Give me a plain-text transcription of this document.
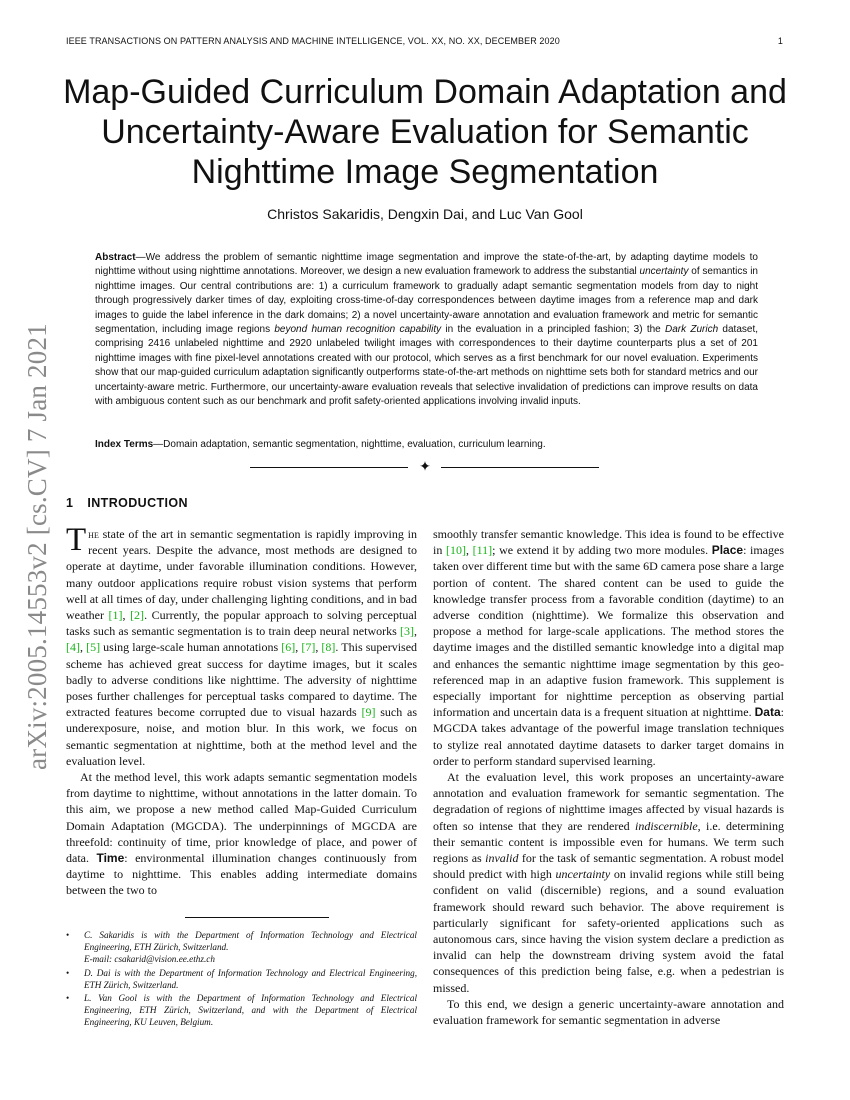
IEEE TRANSACTIONS ON PATTERN ANALYSIS AND MACHINE INTELLIGENCE, VOL. XX, NO. XX, DECEMBER 2020	1
Map-Guided Curriculum Domain Adaptation and
Uncertainty-Aware Evaluation for Semantic
Nighttime Image Segmentation
Christos Sakaridis, Dengxin Dai, and Luc Van Gool

Abstract—We address the problem of semantic nighttime image segmentation and improve the state-of-the-art, by adapting daytime models to nighttime without using nighttime annotations. Moreover, we design a new evaluation framework to address the substantial uncertainty of semantics in nighttime images. Our central contributions are: 1) a curriculum framework to gradually adapt semantic segmentation models from day to night through progressively darker times of day, exploiting cross-time-of-day correspondences between daytime images from a reference map and dark images to guide the label inference in the dark domains; 2) a novel uncertainty-aware annotation and evaluation framework and metric for semantic segmentation, including image regions beyond human recognition capability in the evaluation in a principled fashion; 3) the Dark Zurich dataset, comprising 2416 unlabeled nighttime and 2920 unlabeled twilight images with correspondences to their daytime counterparts plus a set of 201 nighttime images with fine pixel-level annotations created with our protocol, which serves as a first benchmark for our novel evaluation. Experiments show that our map-guided curriculum adaptation significantly outperforms state-of-the-art methods on nighttime sets both for standard metrics and our uncertainty-aware metric. Furthermore, our uncertainty-aware evaluation reveals that selective invalidation of predictions can improve results on data with ambiguous content such as our benchmark and profit safety-oriented applications involving invalid inputs.

Index Terms—Domain adaptation, semantic segmentation, nighttime, evaluation, curriculum learning.
✦
1 INTRODUCTION

The state of the art in semantic segmentation is rapidly improving in recent years. Despite the advance, most methods are designed to operate at daytime, under favorable illumination conditions. However, many outdoor applications require robust vision systems that perform well at all times of day, under challenging lighting conditions, and in bad weather [1], [2]. Currently, the popular approach to solving perceptual tasks such as semantic segmentation is to train deep neural networks [3], [4], [5] using large-scale human annotations [6], [7], [8]. This supervised scheme has achieved great success for daytime images, but it scales badly to adverse conditions like nighttime. The adversity of nighttime poses further challenges for perceptual tasks compared to daytime. The extracted features become corrupted due to visual hazards [9] such as underexposure, noise, and motion blur. In this work, we focus on semantic segmentation at nighttime, both at the method level and the evaluation level.

At the method level, this work adapts semantic segmentation models from daytime to nighttime, without annotations in the latter domain. To this aim, we propose a new method called Map-Guided Curriculum Domain Adaptation (MGCDA). The underpinnings of MGCDA are threefold: continuity of time, prior knowledge of place, and power of data. Time: environmental illumination changes continuously from daytime to nighttime. This enables adding intermediate domains between the two to

smoothly transfer semantic knowledge. This idea is found to be effective in [10], [11]; we extend it by adding two more modules. Place: images taken over different time but with the same 6D camera pose share a large portion of content. The shared content can be used to guide the knowledge transfer process from a favorable condition (daytime) to an adverse condition (nighttime). We formalize this observation and propose a method for large-scale applications. The method stores the daytime images and the distilled semantic knowledge into a digital map and enhances the semantic nighttime image segmentation by this geo-referenced map in an adaptive fusion framework. This supplement is especially important for nighttime perception as observing partial information and uncertain data is a frequent situation at nighttime. Data: MGCDA takes advantage of the powerful image translation techniques to stylize real annotated daytime datasets to darker target domains in order to perform standard supervised learning.

At the evaluation level, this work proposes an uncertainty-aware annotation and evaluation framework for semantic segmentation. The degradation of regions of nighttime images affected by visual hazards is often so intense that they are rendered indiscernible, i.e. determining their semantic content is impossible even for humans. We term such regions as invalid for the task of semantic segmentation. A robust model should predict with high uncertainty on invalid regions while still being confident on valid (discernible) regions, and a sound evaluation framework should reward such behavior. The above requirement is particularly significant for safety-oriented applications such as autonomous cars, since having the vision system declare a prediction as invalid can help the downstream driving system avoid the fatal consequences of this prediction being false, e.g. when a pedestrian is missed.

To this end, we design a generic uncertainty-aware annotation and evaluation framework for semantic segmentation in adverse

• C. Sakaridis is with the Department of Information Technology and Electrical Engineering, ETH Zürich, Switzerland.
E-mail: csakarid@vision.ee.ethz.ch
• D. Dai is with the Department of Information Technology and Electrical Engineering, ETH Zürich, Switzerland.
• L. Van Gool is with the Department of Information Technology and Electrical Engineering, ETH Zürich, Switzerland, and with the Department of Electrical Engineering, KU Leuven, Belgium.
arXiv:2005.14553v2 [cs.CV] 7 Jan 2021
